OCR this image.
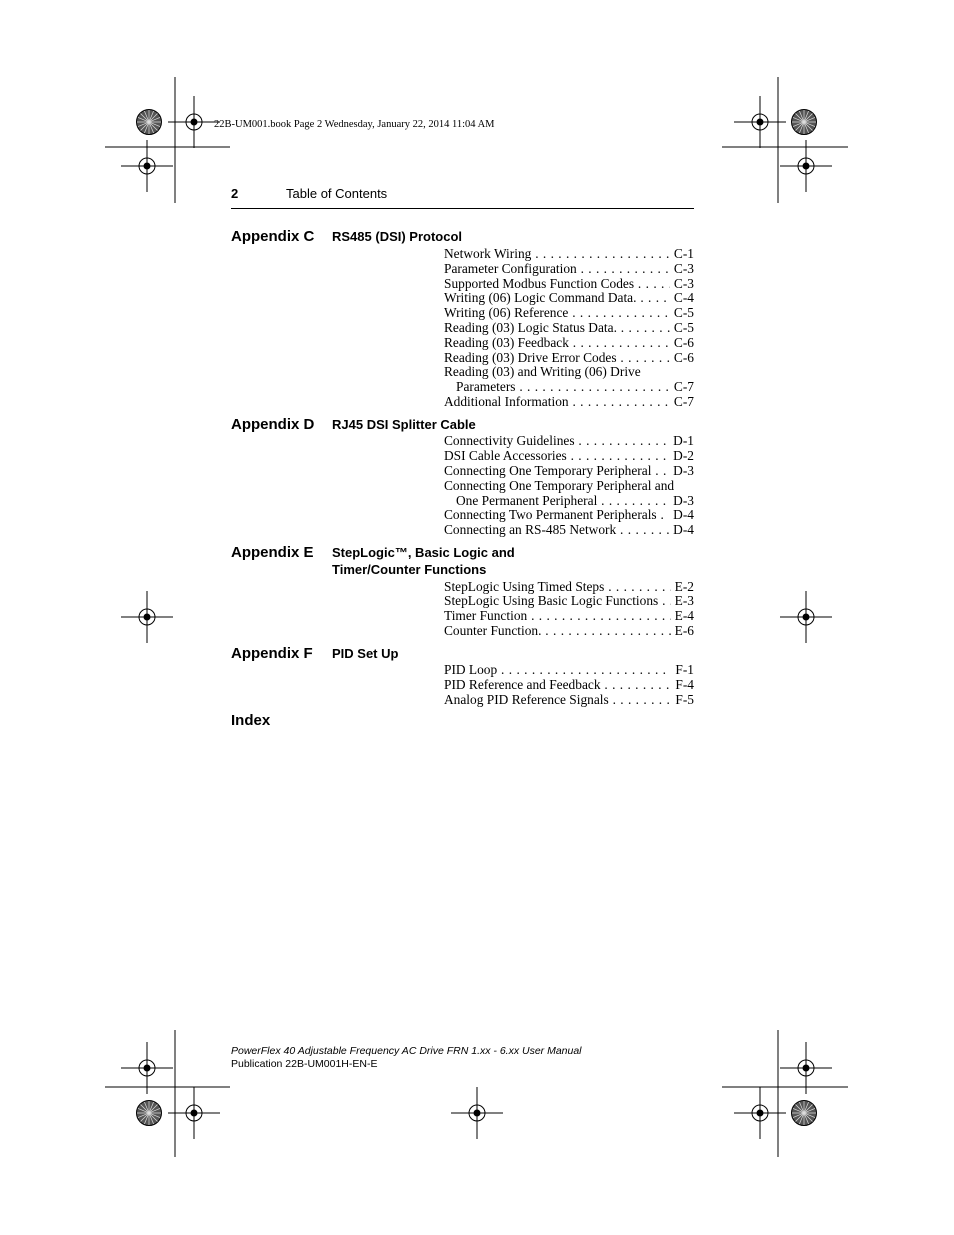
22B-UM001.book Page 2 Wednesday, January 22, 2014 11:04 AM
2	Table of Contents
Appendix C RS485 (DSI) Protocol
Network Wiring . . .	C-1
Parameter Configuration . . .	C-3
Supported Modbus Function Codes . . .	C-3
Writing (06) Logic Command Data. . . .	C-4
Writing (06) Reference . . .	C-5
Reading (03) Logic Status Data. . . .	C-5
Reading (03) Feedback . . .	C-6
Reading (03) Drive Error Codes . . .	C-6
Reading (03) and Writing (06) Drive
Parameters . . .	C-7
Additional Information . . .	C-7
Appendix D RJ45 DSI Splitter Cable
Connectivity Guidelines . . .	D-1
DSI Cable Accessories . . .	D-2
Connecting One Temporary Peripheral . . . D-3
Connecting One Temporary Peripheral and
One Permanent Peripheral . . .	D-3
Connecting Two Permanent Peripherals . . . D-4
Connecting an RS-485 Network . . .	D-4
Appendix E StepLogic™, Basic Logic and
Timer/Counter Functions
StepLogic Using Timed Steps . . .	E-2
StepLogic Using Basic Logic Functions . . . E-3
Timer Function . . .	E-4
Counter Function. . . .	E-6
Appendix F PID Set Up
PID Loop . . .	F-1
PID Reference and Feedback . . .	F-4
Analog PID Reference Signals . . .	F-5
Index
PowerFlex 40 Adjustable Frequency AC Drive FRN 1.xx - 6.xx User Manual
Publication 22B-UM001H-EN-E
